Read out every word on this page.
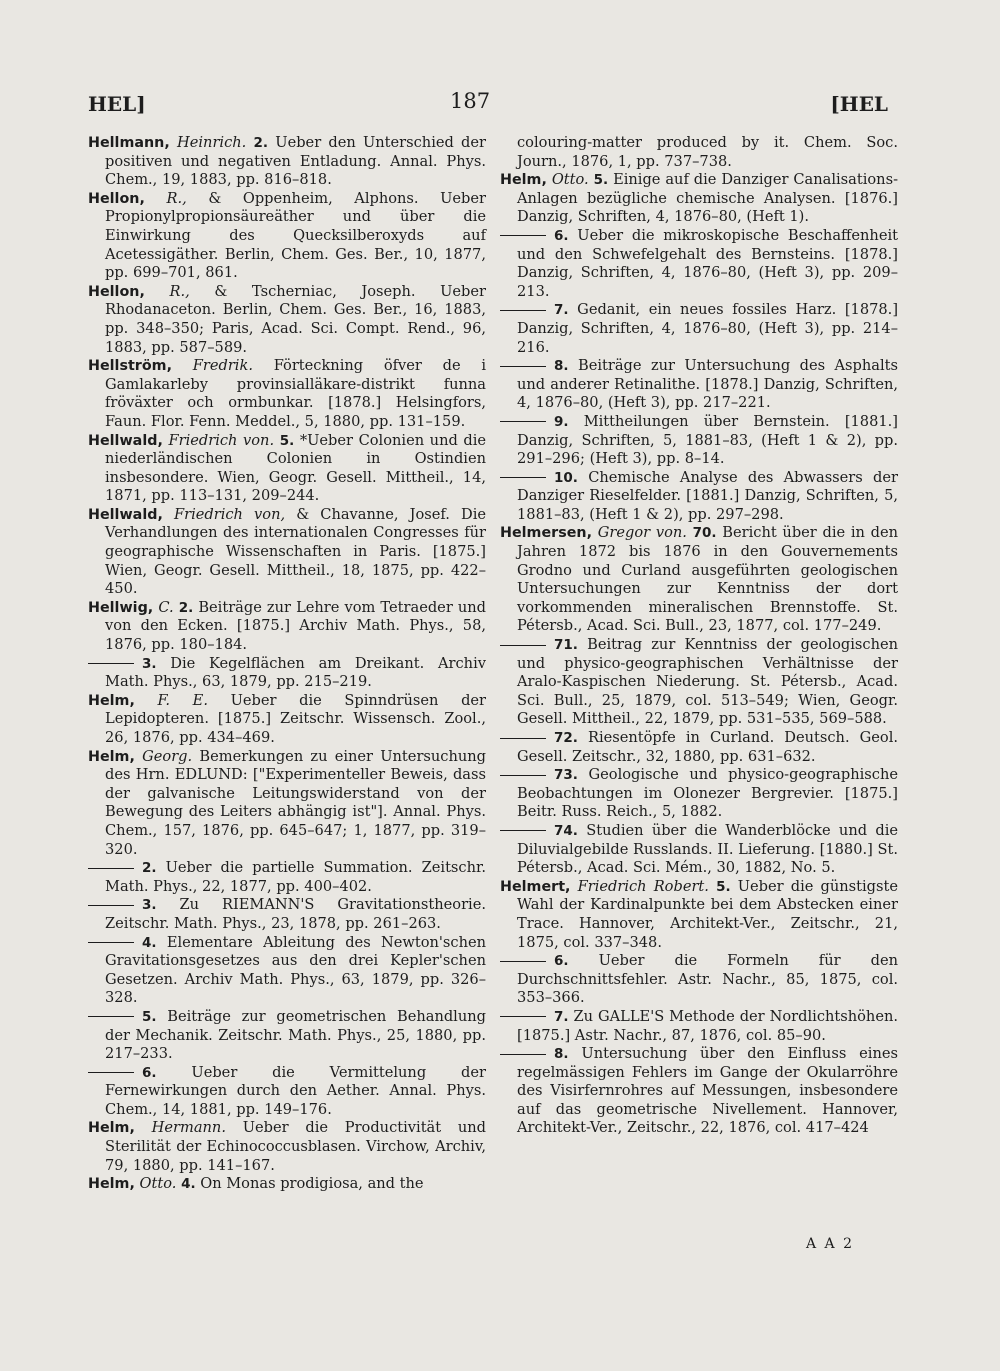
HEL]	187	[HEL
Hellmann, Heinrich. 2. Ueber den Unterschied der positiven und negativen Entladung. Annal. Phys. Chem., 19, 1883, pp. 816–818.
Hellon, R., & Oppenheim, Alphons. Ueber Propionylpropionsäureäther und über die Einwirkung des Quecksilberoxyds auf Acetessigäther. Berlin, Chem. Ges. Ber., 10, 1877, pp. 699–701, 861.
Hellon, R., & Tscherniac, Joseph. Ueber Rhodanaceton. Berlin, Chem. Ges. Ber., 16, 1883, pp. 348–350; Paris, Acad. Sci. Compt. Rend., 96, 1883, pp. 587–589.
Hellström, Fredrik. Förteckning öfver de i Gamlakarleby provinsialläkare-distrikt funna fröväxter och ormbunkar. [1878.] Helsingfors, Faun. Flor. Fenn. Meddel., 5, 1880, pp. 131–159.
Hellwald, Friedrich von. 5. *Ueber Colonien und die niederländischen Colonien in Ostindien insbesondere. Wien, Geogr. Gesell. Mittheil., 14, 1871, pp. 113–131, 209–244.
Hellwald, Friedrich von, & Chavanne, Josef. Die Verhandlungen des internationalen Congresses für geographische Wissenschaften in Paris. [1875.] Wien, Geogr. Gesell. Mittheil., 18, 1875, pp. 422–450.
Hellwig, C. 2. Beiträge zur Lehre vom Tetraeder und von den Ecken. [1875.] Archiv Math. Phys., 58, 1876, pp. 180–184.
3. Die Kegelflächen am Dreikant. Archiv Math. Phys., 63, 1879, pp. 215–219.
Helm, F. E. Ueber die Spinndrüsen der Lepidopteren. [1875.] Zeitschr. Wissensch. Zool., 26, 1876, pp. 434–469.
Helm, Georg. Bemerkungen zu einer Untersuchung des Hrn. EDLUND: ["Experimenteller Beweis, dass der galvanische Leitungswiderstand von der Bewegung des Leiters abhängig ist"]. Annal. Phys. Chem., 157, 1876, pp. 645–647; 1, 1877, pp. 319–320.
2. Ueber die partielle Summation. Zeitschr. Math. Phys., 22, 1877, pp. 400–402.
3. Zu RIEMANN'S Gravitationstheorie. Zeitschr. Math. Phys., 23, 1878, pp. 261–263.
4. Elementare Ableitung des Newton'schen Gravitationsgesetzes aus den drei Kepler'schen Gesetzen. Archiv Math. Phys., 63, 1879, pp. 326–328.
5. Beiträge zur geometrischen Behandlung der Mechanik. Zeitschr. Math. Phys., 25, 1880, pp. 217–233.
6. Ueber die Vermittelung der Fernewirkungen durch den Aether. Annal. Phys. Chem., 14, 1881, pp. 149–176.
Helm, Hermann. Ueber die Productivität und Sterilität der Echinococcusblasen. Virchow, Archiv, 79, 1880, pp. 141–167.
Helm, Otto. 4. On Monas prodigiosa, and the
colouring-matter produced by it. Chem. Soc. Journ., 1876, 1, pp. 737–738.
Helm, Otto. 5. Einige auf die Danziger Canalisations-Anlagen bezügliche chemische Analysen. [1876.] Danzig, Schriften, 4, 1876–80, (Heft 1).
6. Ueber die mikroskopische Beschaffenheit und den Schwefelgehalt des Bernsteins. [1878.] Danzig, Schriften, 4, 1876–80, (Heft 3), pp. 209–213.
7. Gedanit, ein neues fossiles Harz. [1878.] Danzig, Schriften, 4, 1876–80, (Heft 3), pp. 214–216.
8. Beiträge zur Untersuchung des Asphalts und anderer Retinalithe. [1878.] Danzig, Schriften, 4, 1876–80, (Heft 3), pp. 217–221.
9. Mittheilungen über Bernstein. [1881.] Danzig, Schriften, 5, 1881–83, (Heft 1 & 2), pp. 291–296; (Heft 3), pp. 8–14.
10. Chemische Analyse des Abwassers der Danziger Rieselfelder. [1881.] Danzig, Schriften, 5, 1881–83, (Heft 1 & 2), pp. 297–298.
Helmersen, Gregor von. 70. Bericht über die in den Jahren 1872 bis 1876 in den Gouvernements Grodno und Curland ausgeführten geologischen Untersuchungen zur Kenntniss der dort vorkommenden mineralischen Brennstoffe. St. Pétersb., Acad. Sci. Bull., 23, 1877, col. 177–249.
71. Beitrag zur Kenntniss der geologischen und physico-geographischen Verhältnisse der Aralo-Kaspischen Niederung. St. Pétersb., Acad. Sci. Bull., 25, 1879, col. 513–549; Wien, Geogr. Gesell. Mittheil., 22, 1879, pp. 531–535, 569–588.
72. Riesentöpfe in Curland. Deutsch. Geol. Gesell. Zeitschr., 32, 1880, pp. 631–632.
73. Geologische und physico-geographische Beobachtungen im Olonezer Bergrevier. [1875.] Beitr. Russ. Reich., 5, 1882.
74. Studien über die Wanderblöcke und die Diluvialgebilde Russlands. II. Lieferung. [1880.] St. Pétersb., Acad. Sci. Mém., 30, 1882, No. 5.
Helmert, Friedrich Robert. 5. Ueber die günstigste Wahl der Kardinalpunkte bei dem Abstecken einer Trace. Hannover, Architekt-Ver., Zeitschr., 21, 1875, col. 337–348.
6. Ueber die Formeln für den Durchschnittsfehler. Astr. Nachr., 85, 1875, col. 353–366.
7. Zu GALLE'S Methode der Nordlichtshöhen. [1875.] Astr. Nachr., 87, 1876, col. 85–90.
8. Untersuchung über den Einfluss eines regelmässigen Fehlers im Gange der Okularröhre des Visirfernrohres auf Messungen, insbesondere auf das geometrische Nivellement. Hannover, Architekt-Ver., Zeitschr., 22, 1876, col. 417–424
A A 2
